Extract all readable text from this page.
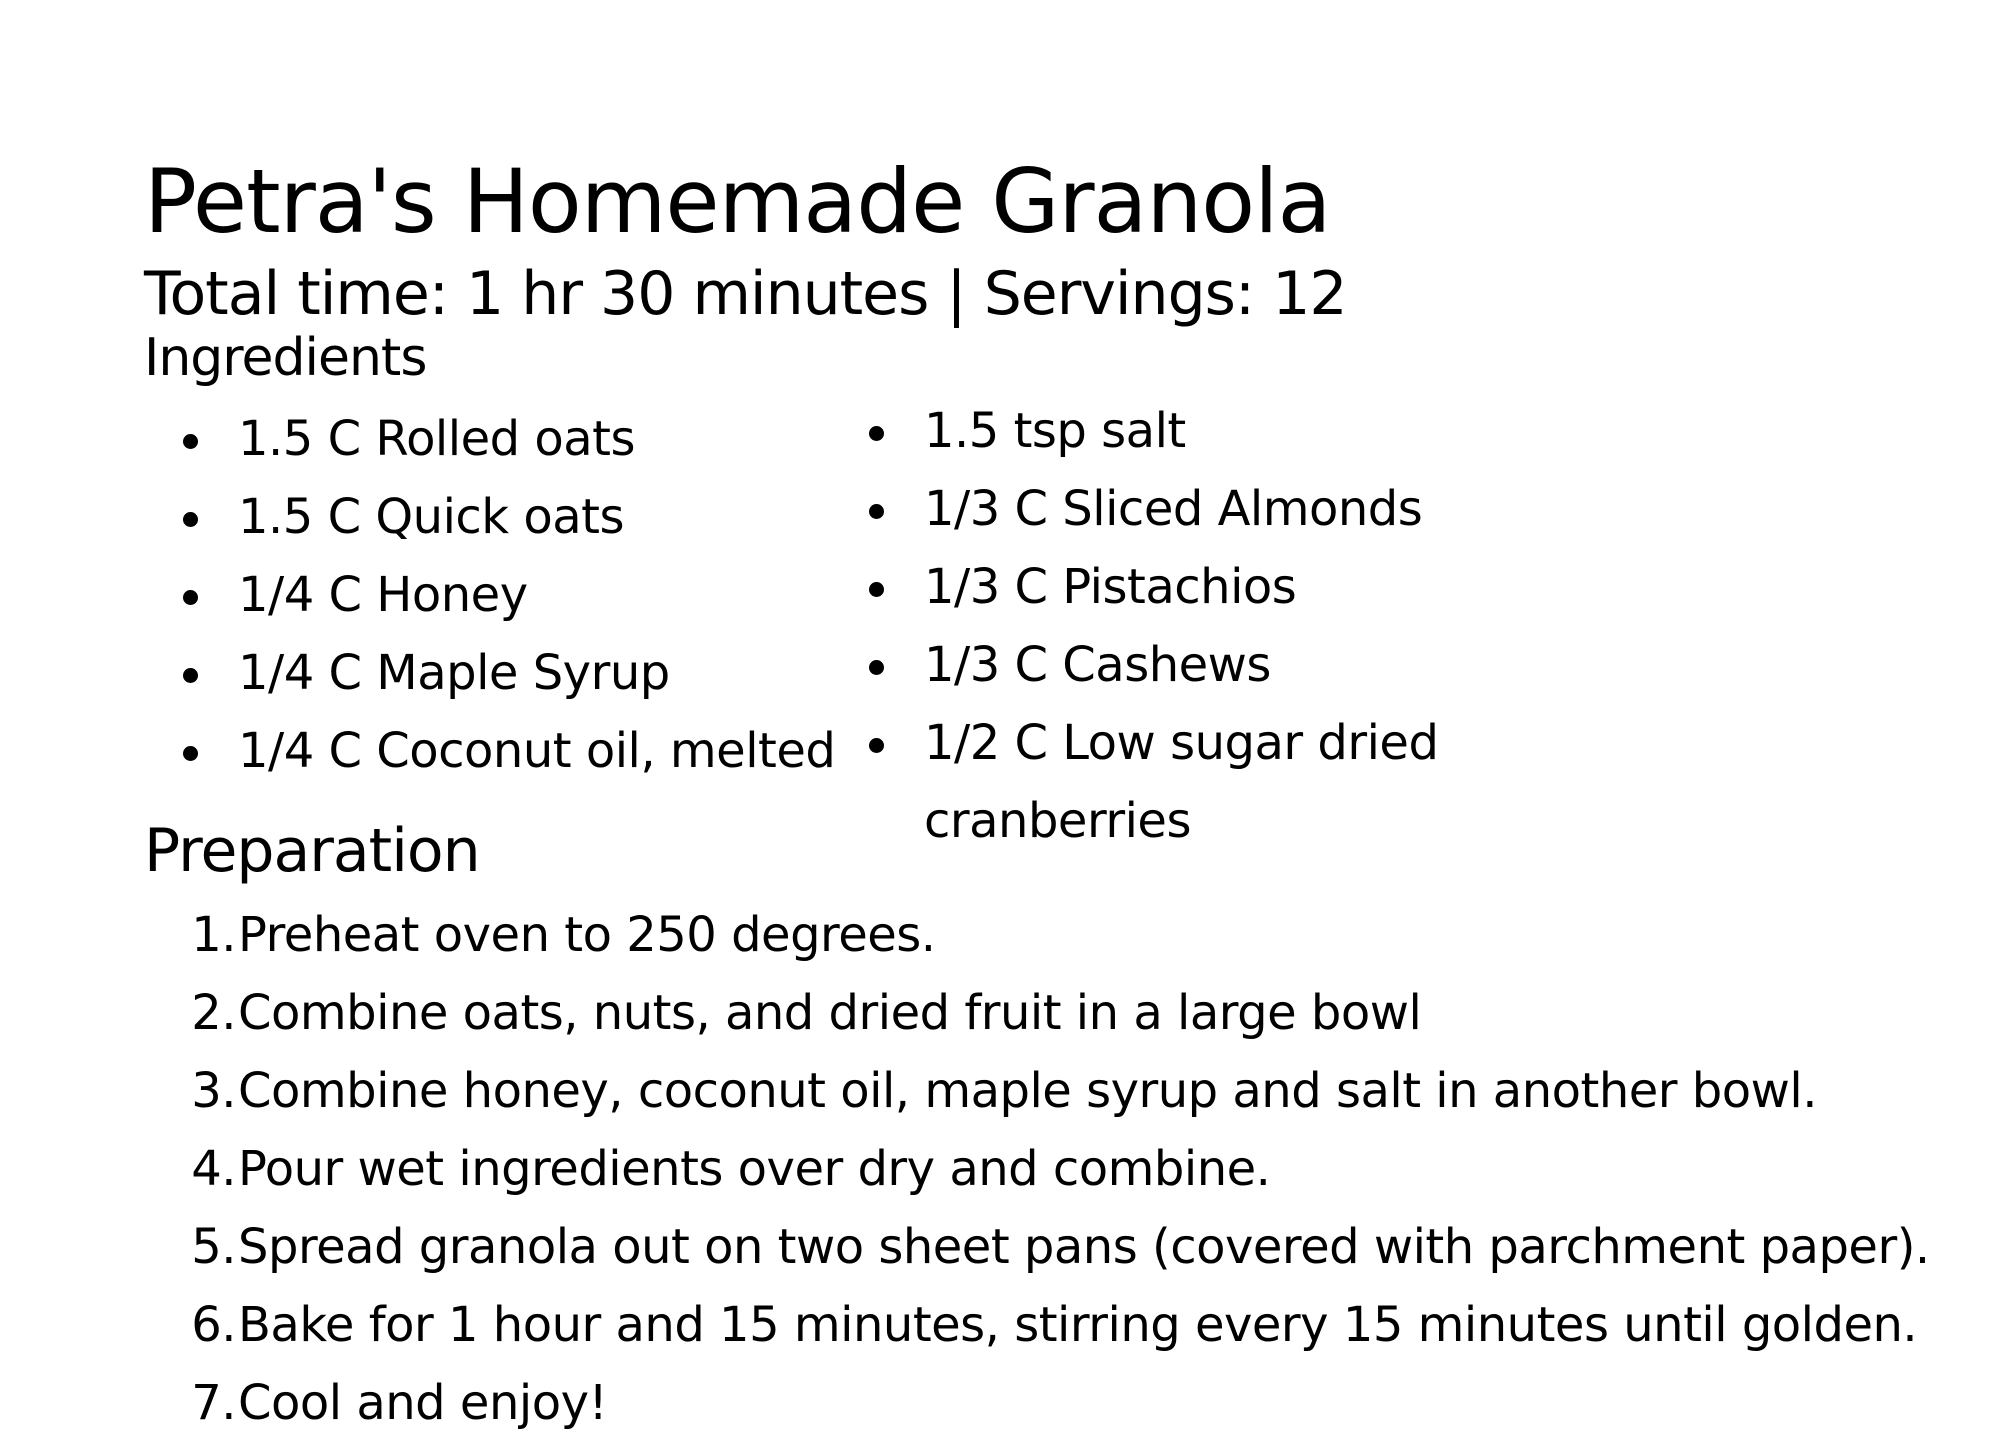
Petra's Homemade Granola
Total time: 1 hr 30 minutes | Servings: 12
Ingredients
1.5 C Rolled oats
1.5 C Quick oats
1/4 C Honey
1/4 C Maple Syrup
1/4 C Coconut oil, melted
1.5 tsp salt
1/3 C Sliced Almonds
1/3 C Pistachios
1/3 C Cashews
1/2 C Low sugar dried cranberries
Preparation
1. Preheat oven to 250 degrees.
2. Combine oats, nuts, and dried fruit in a large bowl
3. Combine honey, coconut oil, maple syrup and salt in another bowl.
4. Pour wet ingredients over dry and combine.
5. Spread granola out on two sheet pans (covered with parchment paper).
6. Bake for 1 hour and 15 minutes, stirring every 15 minutes until golden.
7. Cool and enjoy!
